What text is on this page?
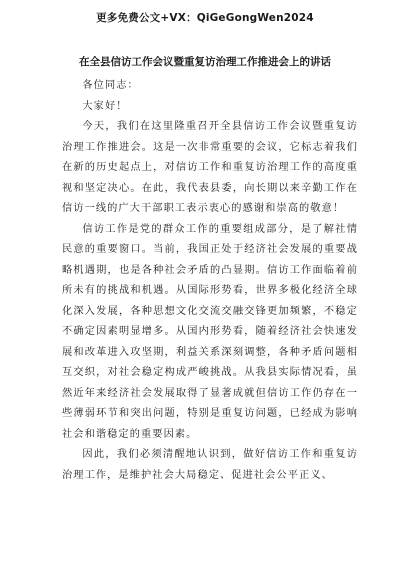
更多免费公文+VX：QiGeGongWen2024
在全县信访工作会议暨重复访治理工作推进会上的讲话

各位同志：

大家好！

今天，我们在这里隆重召开全县信访工作会议暨重复访治理工作推进会。这是一次非常重要的会议，它标志着我们在新的历史起点上，对信访工作和重复访治理工作的高度重视和坚定决心。在此，我代表县委，向长期以来辛勤工作在信访一线的广大干部职工表示衷心的感谢和崇高的敬意！

信访工作是党的群众工作的重要组成部分，是了解社情民意的重要窗口。当前，我国正处于经济社会发展的重要战略机遇期，也是各种社会矛盾的凸显期。信访工作面临着前所未有的挑战和机遇。从国际形势看，世界多极化经济全球化深入发展，各种思想文化交流交融交锋更加频繁，不稳定不确定因素明显增多。从国内形势看，随着经济社会快速发展和改革进入攻坚期，利益关系深刻调整，各种矛盾问题相互交织，对社会稳定构成严峻挑战。从我县实际情况看，虽然近年来经济社会发展取得了显著成就但信访工作仍存在一些薄弱环节和突出问题，特别是重复访问题，已经成为影响社会和谐稳定的重要因素。

因此，我们必须清醒地认识到，做好信访工作和重复访治理工作，是维护社会大局稳定、促进社会公平正义、
